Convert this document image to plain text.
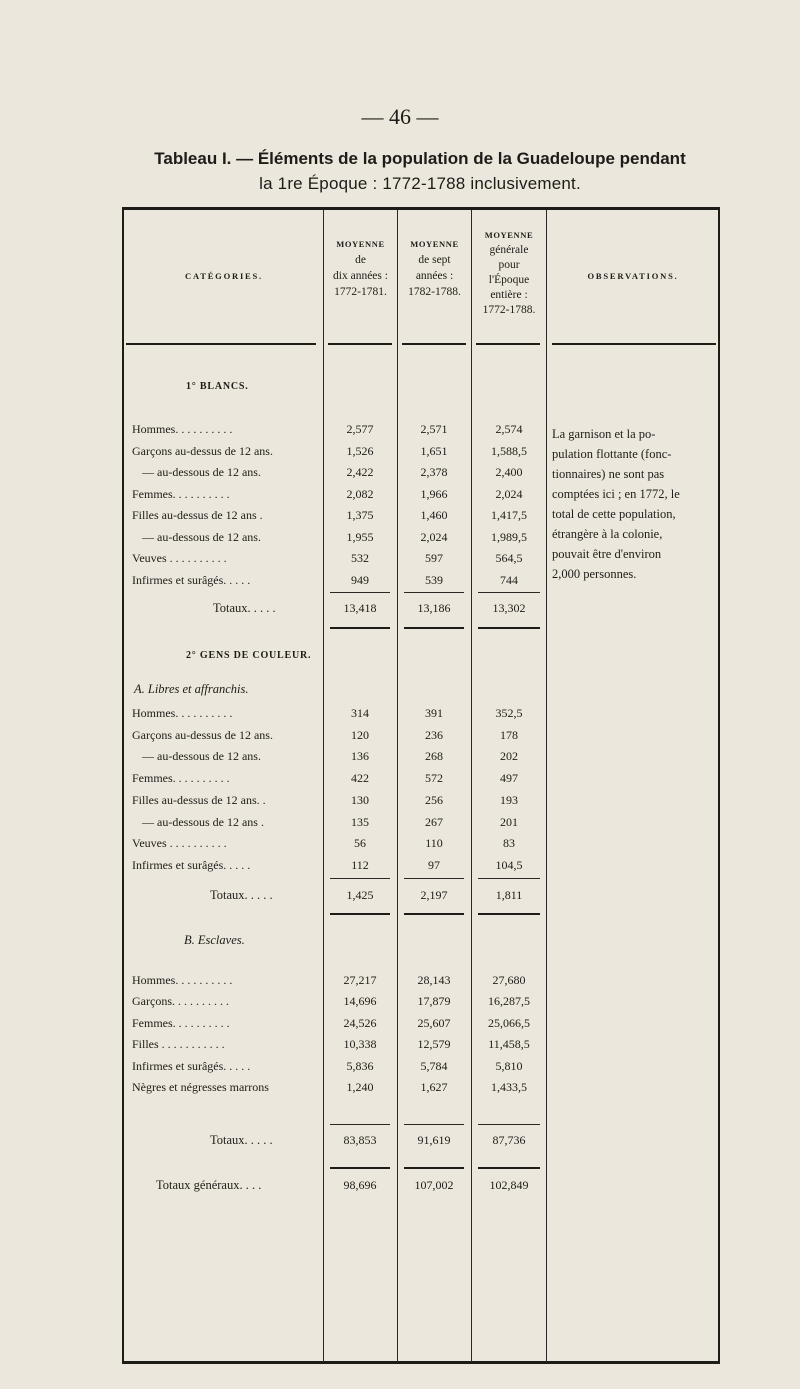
— 46 —
Tableau I. — Éléments de la population de la Guadeloupe pendant
la 1re Époque : 1772-1788 inclusivement.
CATÉGORIES.
MOYENNE
de
dix années :
1772-1781.
MOYENNE
de sept
années :
1782-1788.
MOYENNE
générale
pour
l'Époque
entière :
1772-1788.
OBSERVATIONS.
1° BLANCS.
Hommes. . . . . . . . . .	2,577	2,571	2,574
Garçons au-dessus de 12 ans.	1,526	1,651	1,588,5
— au-dessous de 12 ans.	2,422	2,378	2,400
Femmes. . . . . . . . . .	2,082	1,966	2,024
Filles au-dessus de 12 ans .	1,375	1,460	1,417,5
— au-dessous de 12 ans.	1,955	2,024	1,989,5
Veuves . . . . . . . . . .	532	597	564,5
Infirmes et surâgés. . . . .	949	539	744
Totaux. . . . .	13,418	13,186	13,302
2° GENS DE COULEUR.
A. Libres et affranchis.
Hommes. . . . . . . . . .	314	391	352,5
Garçons au-dessus de 12 ans.	120	236	178
— au-dessous de 12 ans.	136	268	202
Femmes. . . . . . . . . .	422	572	497
Filles au-dessus de 12 ans. .	130	256	193
— au-dessous de 12 ans .	135	267	201
Veuves . . . . . . . . . .	56	110	83
Infirmes et surâgés. . . . .	112	97	104,5
Totaux. . . . .	1,425	2,197	1,811
B. Esclaves.
Hommes. . . . . . . . . .	27,217	28,143	27,680
Garçons. . . . . . . . . .	14,696	17,879	16,287,5
Femmes. . . . . . . . . .	24,526	25,607	25,066,5
Filles . . . . . . . . . . .	10,338	12,579	11,458,5
Infirmes et surâgés. . . . .	5,836	5,784	5,810
Nègres et négresses marrons	1,240	1,627	1,433,5
Totaux. . . . .	83,853	91,619	87,736
Totaux généraux. . . .	98,696	107,002	102,849
La garnison et la po-
pulation flottante (fonc-
tionnaires) ne sont pas
comptées ici ; en 1772, le
total de cette population,
étrangère à la colonie,
pouvait être d'environ
2,000 personnes.
